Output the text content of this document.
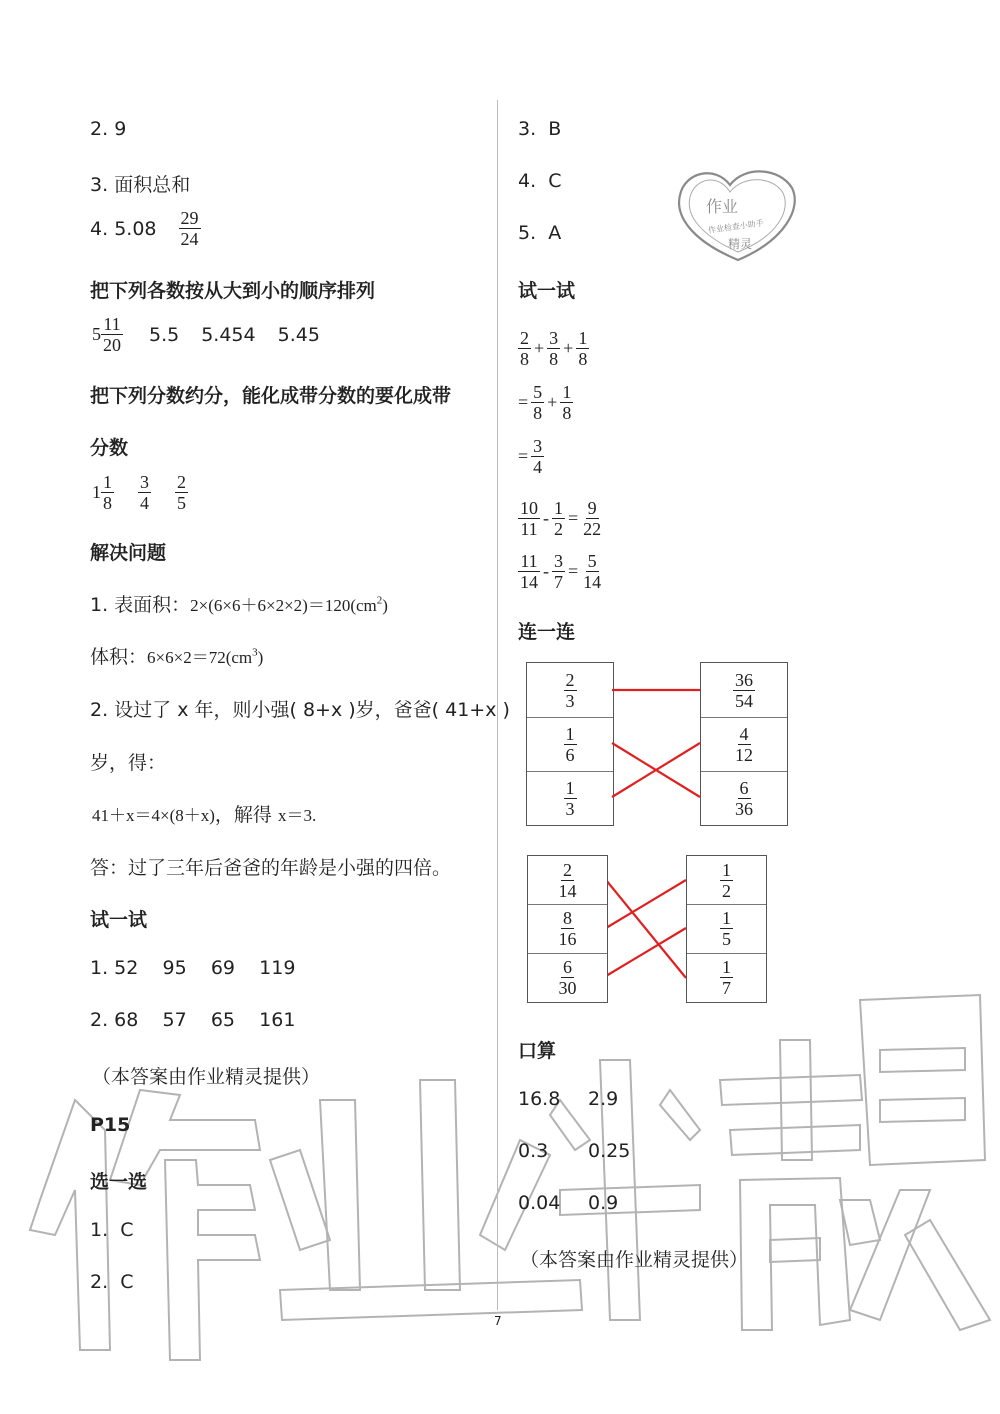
作业
作业检查小助手
精灵
2. 9
3. 面积总和
4.
$5.08 \frac{29}{24}$
把下列各数按从大到小的顺序排列
$5 \frac{11}{20} 5.5$ 5.454 5.45
把下列分数约分，能化成带分数的要化成带
分数
$1 \frac{1}{8} \frac{3}{4} \frac{2}{5}$
解决问题
1. 表面积：$2\times(6\times 6+6\times 2\times 2)=120(cm^2)$
体积：$6\times 6\times 2=72(cm^3)$
2. 设过了 x 年，则小强( 8+x )岁，爸爸( 41+x )
岁，得：
41＋x＝4×(8＋x)，解得 x＝3.
答：过了三年后爸爸的年龄是小强的四倍。
试一试
1. 52    95    69    119
2. 68    57    65    161
（本答案由作业精灵提供）
P15
选一选
1.  C
2.  C
3.  B
4.  C
5.  A
试一试
$\frac{2}{8} + \frac{3}{8} + \frac{1}{8}$
= $\frac{5}{8} + \frac{1}{8}$
= $\frac{3}{4}$
$\frac{10}{11} - \frac{1}{2} = \frac{9}{22}$
$\frac{11}{14} - \frac{3}{7} = \frac{5}{14}$
连一连
$\frac{2}{3}$
$\frac{1}{6}$
$\frac{1}{3}$
$\frac{36}{54}$
$\frac{4}{12}$
$\frac{6}{36}$
$\frac{2}{14}$
$\frac{8}{16}$
$\frac{6}{30}$
$\frac{1}{2}$
$\frac{1}{5}$
$\frac{1}{7}$
口算
16.8 2.9
0.3 0.25
0.04 0.9
（本答案由作业精灵提供）
7
